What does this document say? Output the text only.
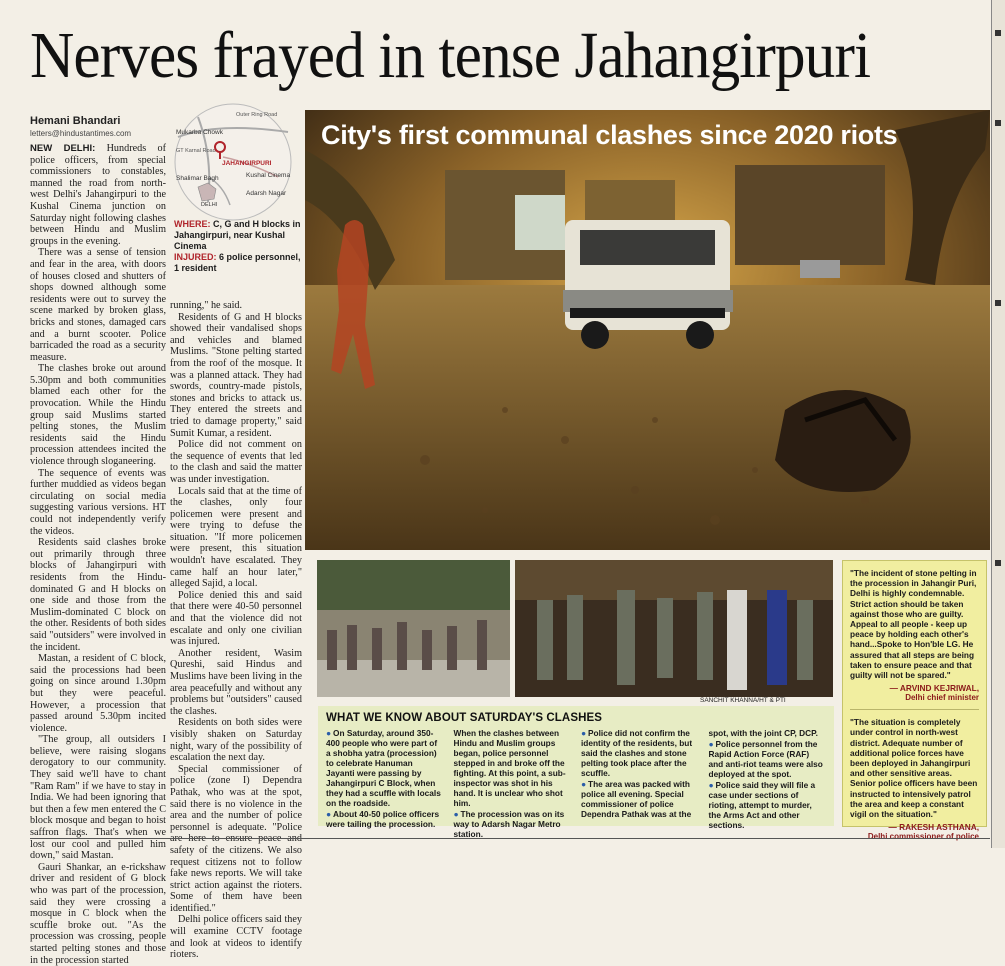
Nerves frayed in tense Jahangirpuri
Hemani Bhandari
letters@hindustantimes.com

NEW DELHI: Hundreds of police officers, from special commissioners to constables, manned the road from north-west Delhi's Jahangirpuri to the Kushal Cinema junction on Saturday night following clashes between Hindu and Muslim groups in the evening.

There was a sense of tension and fear in the area, with doors of houses closed and shutters of shops downed although some residents were out to survey the scene marked by broken glass, bricks and stones, damaged cars and a burnt scooter. Police barricaded the road as a security measure.

The clashes broke out around 5.30pm and both communities blamed each other for the provocation. While the Hindu group said Muslims started pelting stones, the Muslim residents said the Hindu procession attendees incited the violence through sloganeering.

The sequence of events was further muddied as videos began circulating on social media suggesting various versions. HT could not independently verify the videos.

Residents said clashes broke out primarily through three blocks of Jahangirpuri with residents from the Hindu-dominated G and H blocks on one side and those from the Muslim-dominated C block on the other. Residents of both sides said "outsiders" were involved in the incident.

Mastan, a resident of C block, said the processions had been going on since around 1.30pm but they were peaceful. However, a procession that passed around 5.30pm incited violence.

"The group, all outsiders I believe, were raising slogans derogatory to our community. They said we'll have to chant "Ram Ram" if we have to stay in India. We had been ignoring that but then a few men entered the C block mosque and began to hoist saffron flags. That's when we lost our cool and pulled him down," said Mastan.

Gauri Shankar, an e-rickshaw driver and resident of G block who was part of the procession, said they were crossing a mosque in C block when the scuffle broke out. "As the procession was crossing, people started pelting stones and those in the procession started

Outer Ring Road
Mukarba Chowk
GT Karnal Road
JAHANGIRPURI
Kushal Cinema
Shalimar Bagh
Adarsh Nagar
DELHI
WHERE: C, G and H blocks in Jahangirpuri, near Kushal Cinema
INJURED: 6 police personnel, 1 resident

running," he said.

Residents of G and H blocks showed their vandalised shops and vehicles and blamed Muslims. "Stone pelting started from the roof of the mosque. It was a planned attack. They had swords, country-made pistols, stones and bricks to attack us. They entered the streets and tried to damage property," said Sumit Kumar, a resident.

Police did not comment on the sequence of events that led to the clash and said the matter was under investigation.

Locals said that at the time of the clashes, only four policemen were present and were trying to defuse the situation. "If more policemen were present, this situation wouldn't have escalated. They came half an hour later," alleged Sajid, a local.

Police denied this and said that there were 40-50 personnel and that the violence did not escalate and only one civilian was injured.

Another resident, Wasim Qureshi, said Hindus and Muslims have been living in the area peacefully and without any problems but "outsiders" caused the clashes.

Residents on both sides were visibly shaken on Saturday night, wary of the possibility of escalation the next day.

Special commissioner of police (zone I) Dependra Pathak, who was at the spot, said there is no violence in the area and the number of police personnel is adequate. "Police are here to ensure peace and safety of the citizens. We also request citizens not to follow fake news reports. We will take strict action against the rioters. Some of them have been identified."

Delhi police officers said they will examine CCTV footage and look at videos to identify rioters.

City's first communal clashes since 2020 riots
SANCHIT KHANNA/HT & PTI
WHAT WE KNOW ABOUT SATURDAY'S CLASHES

● On Saturday, around 350-400 people who were part of a shobha yatra (procession) to celebrate Hanuman Jayanti were passing by Jahangirpuri C Block, when they had a scuffle with locals on the roadside.

● About 40-50 police officers were tailing the procession.

When the clashes between Hindu and Muslim groups began, police personnel stepped in and broke off the fighting. At this point, a sub-inspector was shot in his hand. It is unclear who shot him.

● The procession was on its way to Adarsh Nagar Metro station.

● Police did not confirm the identity of the residents, but said the clashes and stone pelting took place after the scuffle.

● The area was packed with police all evening. Special commissioner of police Dependra Pathak was at the

spot, with the joint CP, DCP.

● Police personnel from the Rapid Action Force (RAF) and anti-riot teams were also deployed at the spot.

● Police said they will file a case under sections of rioting, attempt to murder, the Arms Act and other sections.

"The incident of stone pelting in the procession in Jahangir Puri, Delhi is highly condemnable. Strict action should be taken against those who are guilty. Appeal to all people - keep up peace by holding each other's hand...Spoke to Hon'ble LG. He assured that all steps are being taken to ensure peace and that guilty will not be spared."
— ARVIND KEJRIWAL,
Delhi chief minister
"The situation is completely under control in north-west district. Adequate number of additional police forces have been deployed in Jahangirpuri and other sensitive areas. Senior police officers have been instructed to intensively patrol the area and keep a constant vigil on the situation."
— RAKESH ASTHANA,
Delhi commissioner of police
